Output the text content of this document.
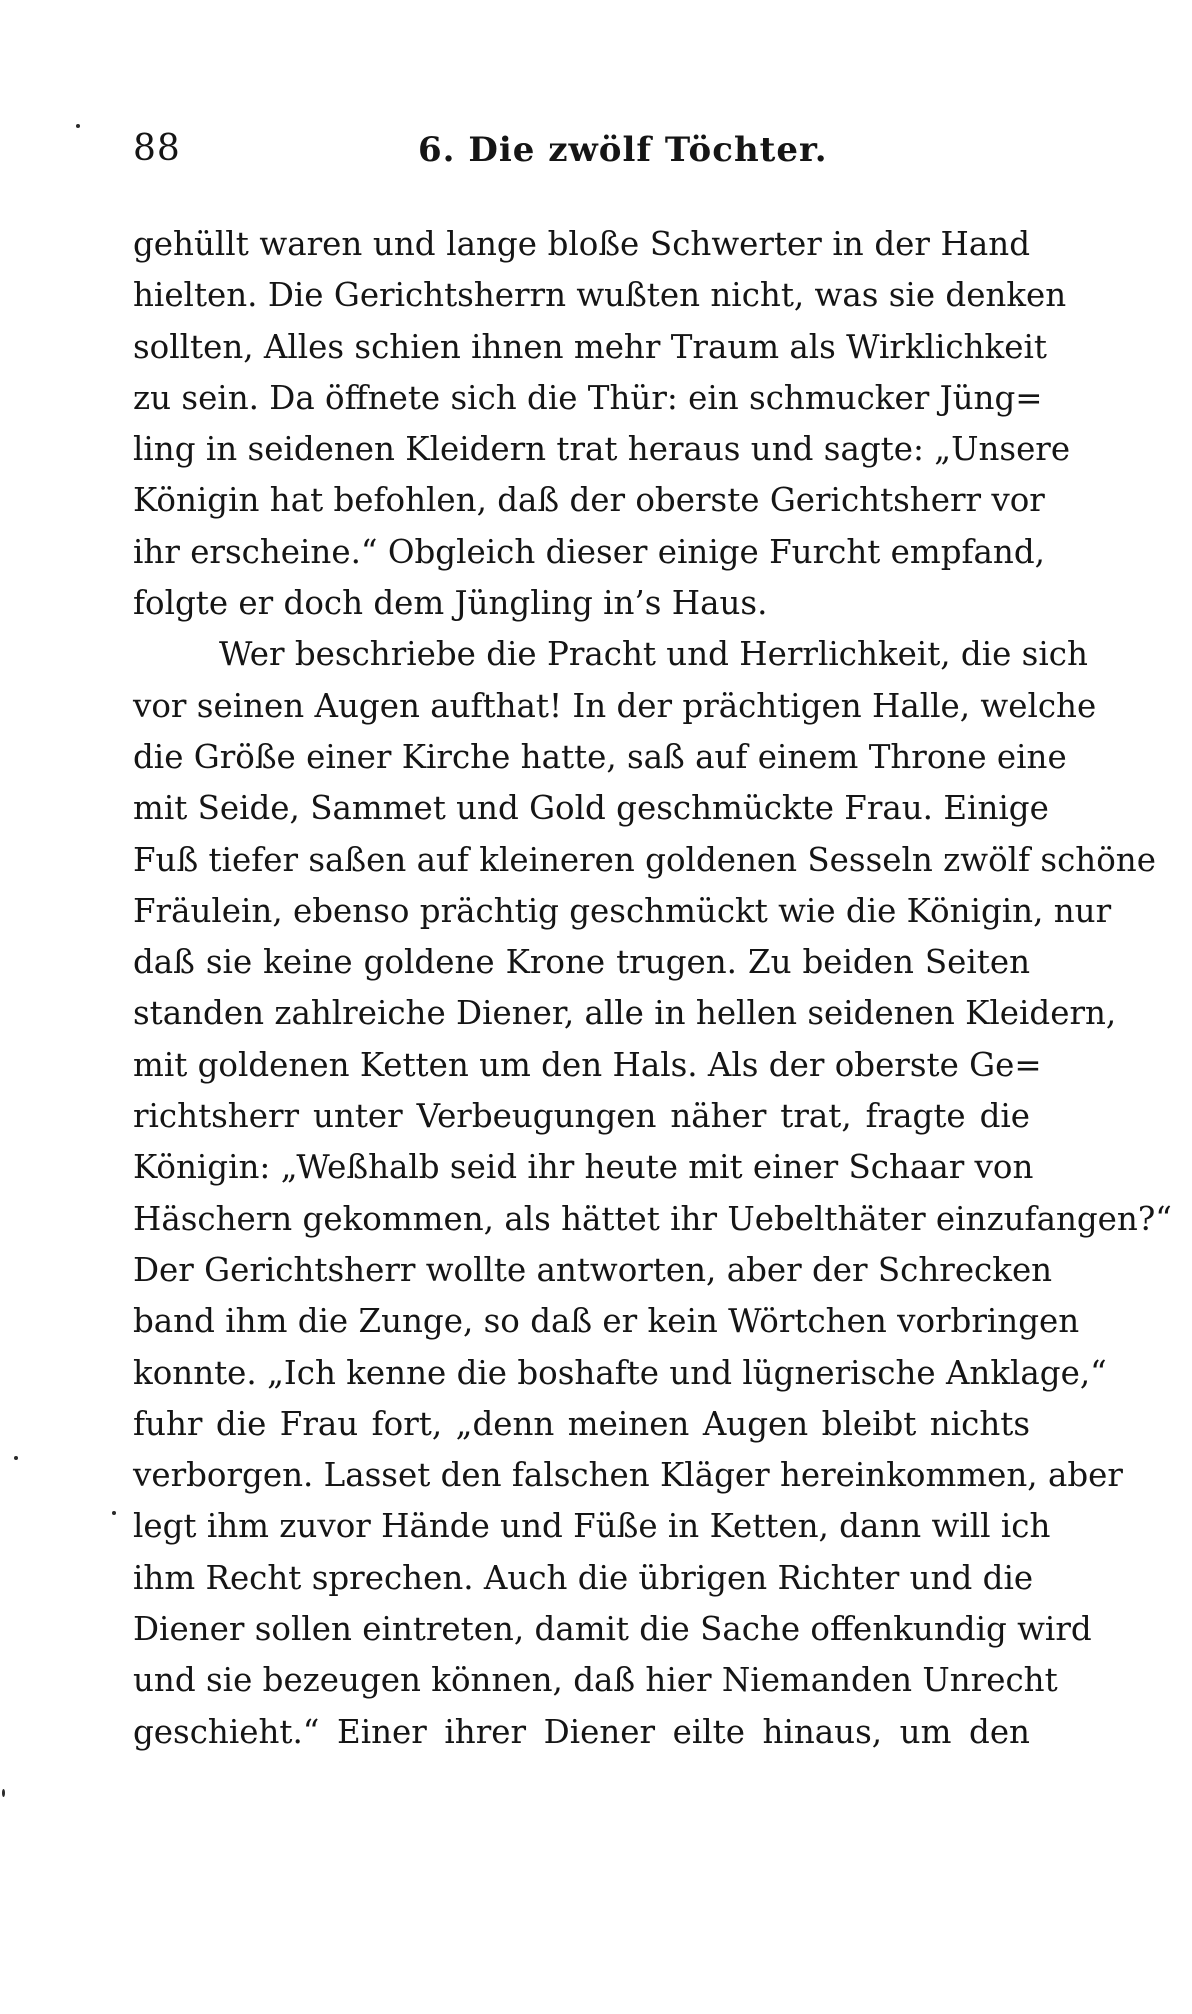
88	6. Die zwölf Töchter.
gehüllt waren und lange bloße Schwerter in der Hand
hielten. Die Gerichtsherrn wußten nicht, was sie denken
sollten, Alles schien ihnen mehr Traum als Wirklichkeit
zu sein. Da öffnete sich die Thür: ein schmucker Jüng=
ling in seidenen Kleidern trat heraus und sagte: „Unsere
Königin hat befohlen, daß der oberste Gerichtsherr vor
ihr erscheine.“ Obgleich dieser einige Furcht empfand,
folgte er doch dem Jüngling in’s Haus.
Wer beschriebe die Pracht und Herrlichkeit, die sich
vor seinen Augen aufthat! In der prächtigen Halle, welche
die Größe einer Kirche hatte, saß auf einem Throne eine
mit Seide, Sammet und Gold geschmückte Frau. Einige
Fuß tiefer saßen auf kleineren goldenen Sesseln zwölf schöne
Fräulein, ebenso prächtig geschmückt wie die Königin, nur
daß sie keine goldene Krone trugen. Zu beiden Seiten
standen zahlreiche Diener, alle in hellen seidenen Kleidern,
mit goldenen Ketten um den Hals. Als der oberste Ge=
richtsherr unter Verbeugungen näher trat, fragte die
Königin: „Weßhalb seid ihr heute mit einer Schaar von
Häschern gekommen, als hättet ihr Uebelthäter einzufangen?“
Der Gerichtsherr wollte antworten, aber der Schrecken
band ihm die Zunge, so daß er kein Wörtchen vorbringen
konnte. „Ich kenne die boshafte und lügnerische Anklage,“
fuhr die Frau fort, „denn meinen Augen bleibt nichts
verborgen. Lasset den falschen Kläger hereinkommen, aber
legt ihm zuvor Hände und Füße in Ketten, dann will ich
ihm Recht sprechen. Auch die übrigen Richter und die
Diener sollen eintreten, damit die Sache offenkundig wird
und sie bezeugen können, daß hier Niemanden Unrecht
geschieht.“ Einer ihrer Diener eilte hinaus, um den
